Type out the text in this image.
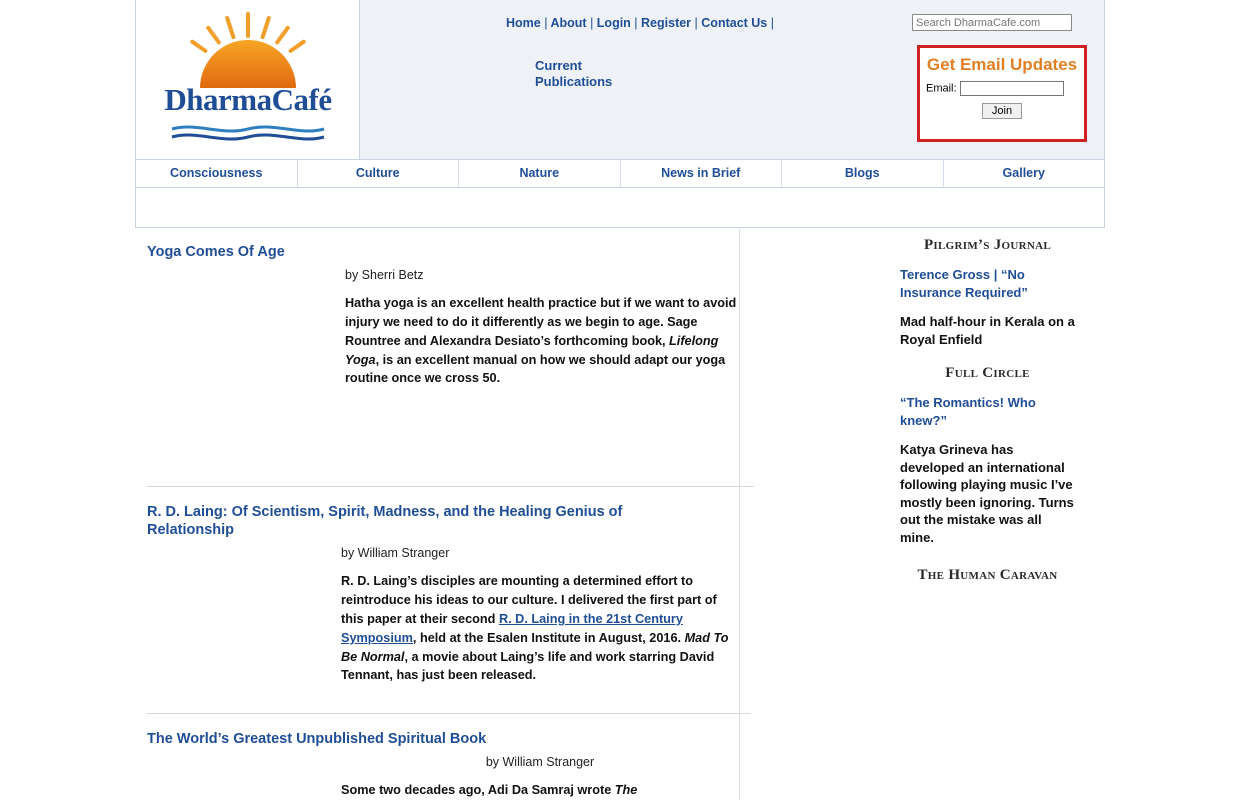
DharmaCafé
Home | About | Login | Register | Contact Us |
Search DharmaCafe.com
Current
Publications
Get Email Updates
Email:
Join
Consciousness	Culture	Nature	News in Brief	Blogs	Gallery
Yoga Comes Of Age
by Sherri Betz
Hatha yoga is an excellent health practice but if we want to avoid injury we need to do it differently as we begin to age. Sage Rountree and Alexandra Desiato’s forthcoming book, Lifelong Yoga, is an excellent manual on how we should adapt our yoga routine once we cross 50.
R. D. Laing: Of Scientism, Spirit, Madness, and the Healing Genius of Relationship
by William Stranger
R. D. Laing’s disciples are mounting a determined effort to reintroduce his ideas to our culture. I delivered the first part of this paper at their second R. D. Laing in the 21st Century Symposium, held at the Esalen Institute in August, 2016. Mad To Be Normal, a movie about Laing’s life and work starring David Tennant, has just been released.
The World’s Greatest Unpublished Spiritual Book
by William Stranger
Some two decades ago, Adi Da Samraj wrote The
Pilgrim’s Journal
Terence Gross | “No Insurance Required”
Mad half-hour in Kerala on a Royal Enfield
Full Circle
“The Romantics! Who knew?”
Katya Grineva has developed an international following playing music I’ve mostly been ignoring. Turns out the mistake was all mine.
The Human Caravan
